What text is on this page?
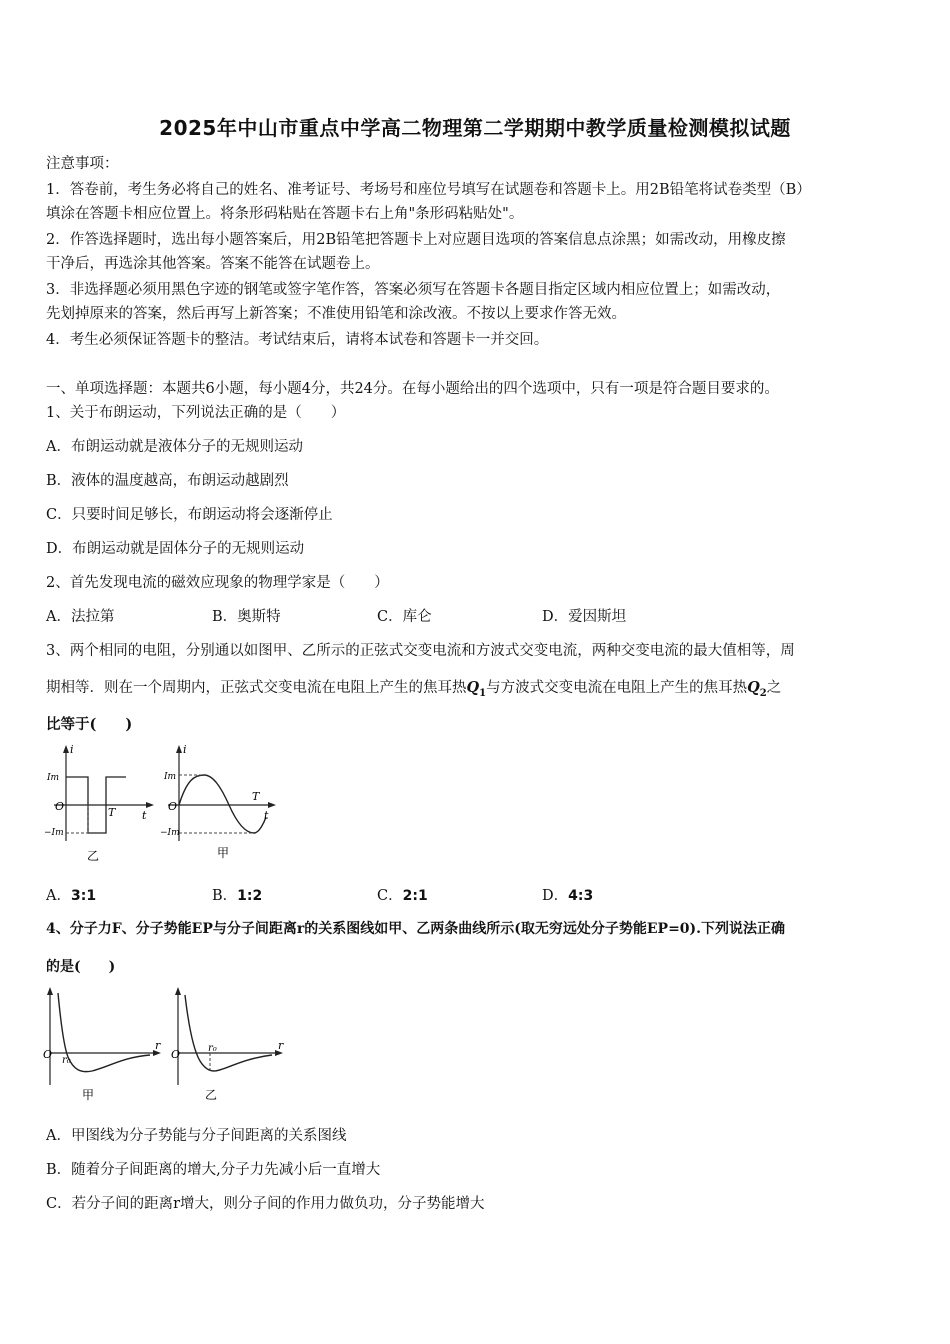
2025年中山市重点中学高二物理第二学期期中教学质量检测模拟试题
注意事项：
1．答卷前，考生务必将自己的姓名、准考证号、考场号和座位号填写在试题卷和答题卡上。用2B铅笔将试卷类型（B）
填涂在答题卡相应位置上。将条形码粘贴在答题卡右上角"条形码粘贴处"。
2．作答选择题时，选出每小题答案后，用2B铅笔把答题卡上对应题目选项的答案信息点涂黑；如需改动，用橡皮擦
干净后，再选涂其他答案。答案不能答在试题卷上。
3．非选择题必须用黑色字迹的钢笔或签字笔作答，答案必须写在答题卡各题目指定区域内相应位置上；如需改动，
先划掉原来的答案，然后再写上新答案；不准使用铅笔和涂改液。不按以上要求作答无效。
4．考生必须保证答题卡的整洁。考试结束后，请将本试卷和答题卡一并交回。
一、单项选择题：本题共6小题，每小题4分，共24分。在每小题给出的四个选项中，只有一项是符合题目要求的。
1、关于布朗运动，下列说法正确的是（　　）
A．布朗运动就是液体分子的无规则运动
B．液体的温度越高，布朗运动越剧烈
C．只要时间足够长，布朗运动将会逐渐停止
D．布朗运动就是固体分子的无规则运动
2、首先发现电流的磁效应现象的物理学家是（　　）
A．法拉第	B．奥斯特	C．库仑	D．爱因斯坦
3、两个相同的电阻，分别通以如图甲、乙所示的正弦式交变电流和方波式交变电流，两种交变电流的最大值相等，周
期相等．则在一个周期内，正弦式交变电流在电阻上产生的焦耳热$Q_1$与方波式交变电流在电阻上产生的焦耳热$Q_2$之
比等于(　　)
i
Im
−Im
O	T t
乙
i
Im
−Im
O
T
t
甲
A．3:1	B．1:2	C．2:1	D．4:3
4、分子力F、分子势能EP与分子间距离r的关系图线如甲、乙两条曲线所示(取无穷远处分子势能EP=0).下列说法正确
的是(　　)
O r₀
r
甲
O	r₀	r
乙
A．甲图线为分子势能与分子间距离的关系图线
B．随着分子间距离的增大,分子力先减小后一直增大
C．若分子间的距离r增大，则分子间的作用力做负功，分子势能增大
